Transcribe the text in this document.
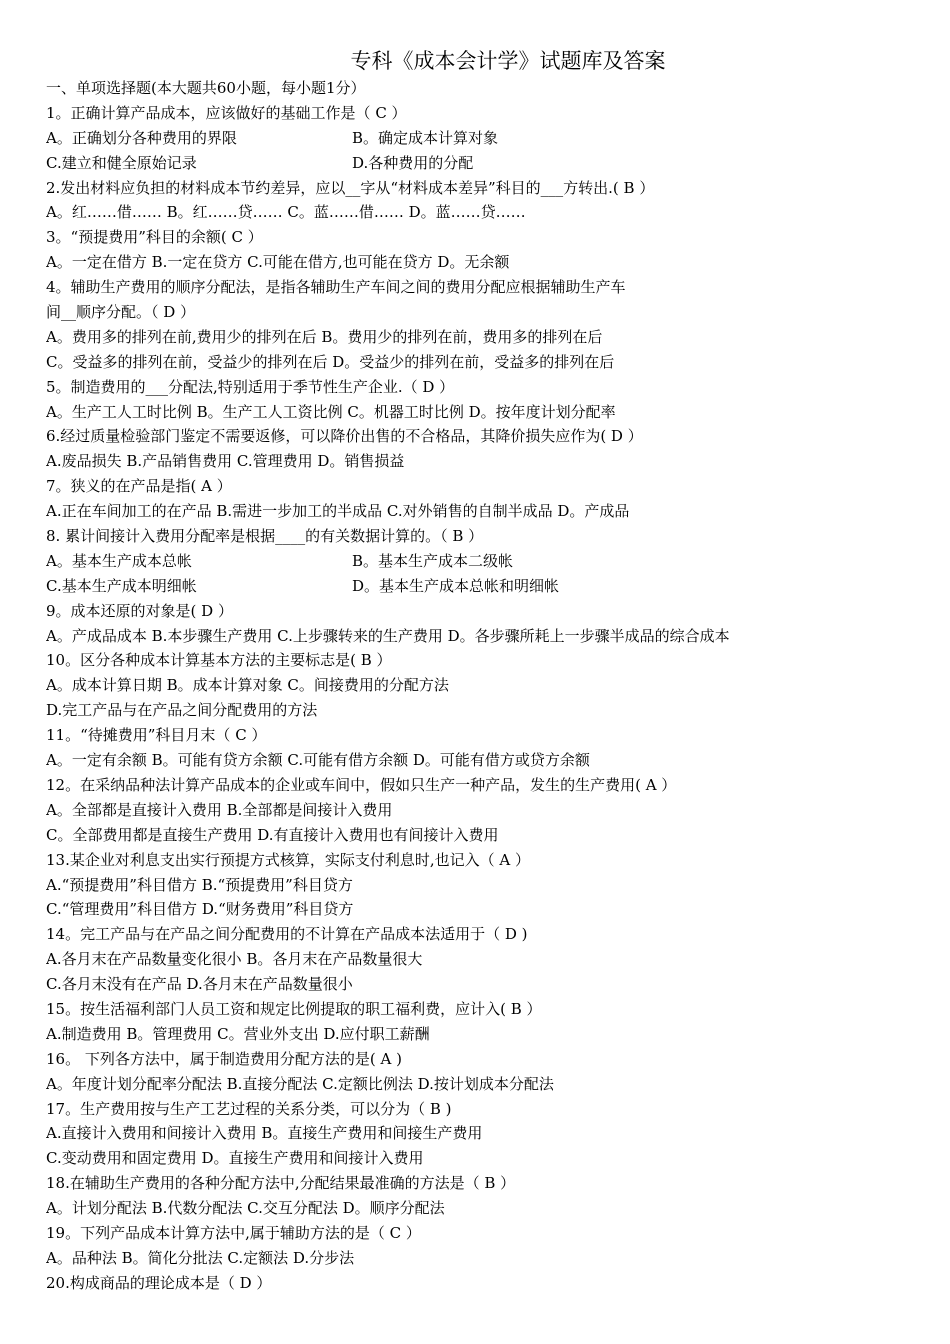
专科《成本会计学》试题库及答案
一、单项选择题(本大题共60小题，每小题1分）
1。正确计算产品成本，应该做好的基础工作是（ C ）
A。正确划分各种费用的界限	B。确定成本计算对象
C.建立和健全原始记录	D.各种费用的分配
2.发出材料应负担的材料成本节约差异，应以__字从“材料成本差异”科目的___方转出.( B ）
A。红……借…… B。红……贷…… C。蓝……借…… D。蓝……贷……
3。“预提费用”科目的余额( C ）
A。一定在借方 B.一定在贷方 C.可能在借方,也可能在贷方 D。无余额
4。辅助生产费用的顺序分配法，是指各辅助生产车间之间的费用分配应根据辅助生产车
间__顺序分配。（ D ）
A。费用多的排列在前,费用少的排列在后 B。费用少的排列在前，费用多的排列在后
C。受益多的排列在前，受益少的排列在后 D。受益少的排列在前，受益多的排列在后
5。制造费用的___分配法,特别适用于季节性生产企业.（ D ）
A。生产工人工时比例 B。生产工人工资比例 C。机器工时比例 D。按年度计划分配率
6.经过质量检验部门鉴定不需要返修，可以降价出售的不合格品，其降价损失应作为( D ）
A.废品损失 B.产品销售费用 C.管理费用 D。销售损益
7。狭义的在产品是指( A ）
A.正在车间加工的在产品 B.需进一步加工的半成品 C.对外销售的自制半成品 D。产成品
8. 累计间接计入费用分配率是根据____的有关数据计算的。（ B ）
A。基本生产成本总帐	B。基本生产成本二级帐
C.基本生产成本明细帐	D。基本生产成本总帐和明细帐
9。成本还原的对象是( D ）
A。产成品成本 B.本步骤生产费用 C.上步骤转来的生产费用 D。各步骤所耗上一步骤半成品的综合成本
10。区分各种成本计算基本方法的主要标志是( B ）
A。成本计算日期 B。成本计算对象 C。间接费用的分配方法
D.完工产品与在产品之间分配费用的方法
11。“待摊费用”科目月末（ C ）
A。一定有余额 B。可能有贷方余额 C.可能有借方余额 D。可能有借方或贷方余额
12。在采纳品种法计算产品成本的企业或车间中，假如只生产一种产品，发生的生产费用( A ）
A。全部都是直接计入费用 B.全部都是间接计入费用
C。全部费用都是直接生产费用 D.有直接计入费用也有间接计入费用
13.某企业对利息支出实行预提方式核算，实际支付利息时,也记入（ A ）
A.“预提费用”科目借方 B.“预提费用”科目贷方
C.“管理费用”科目借方 D.“财务费用”科目贷方
14。完工产品与在产品之间分配费用的不计算在产品成本法适用于（ D )
A.各月末在产品数量变化很小 B。各月末在产品数量很大
C.各月末没有在产品 D.各月末在产品数量很小
15。按生活福利部门人员工资和规定比例提取的职工福利费，应计入( B ）
A.制造费用 B。管理费用 C。营业外支出 D.应付职工薪酬
16。 下列各方法中，属于制造费用分配方法的是( A )
A。年度计划分配率分配法 B.直接分配法 C.定额比例法 D.按计划成本分配法
17。生产费用按与生产工艺过程的关系分类，可以分为（ B )
A.直接计入费用和间接计入费用 B。直接生产费用和间接生产费用
C.变动费用和固定费用 D。直接生产费用和间接计入费用
18.在辅助生产费用的各种分配方法中,分配结果最准确的方法是（ B ）
A。计划分配法 B.代数分配法 C.交互分配法 D。顺序分配法
19。下列产品成本计算方法中,属于辅助方法的是（ C ）
A。品种法 B。简化分批法 C.定额法 D.分步法
20.构成商品的理论成本是（ D ）
